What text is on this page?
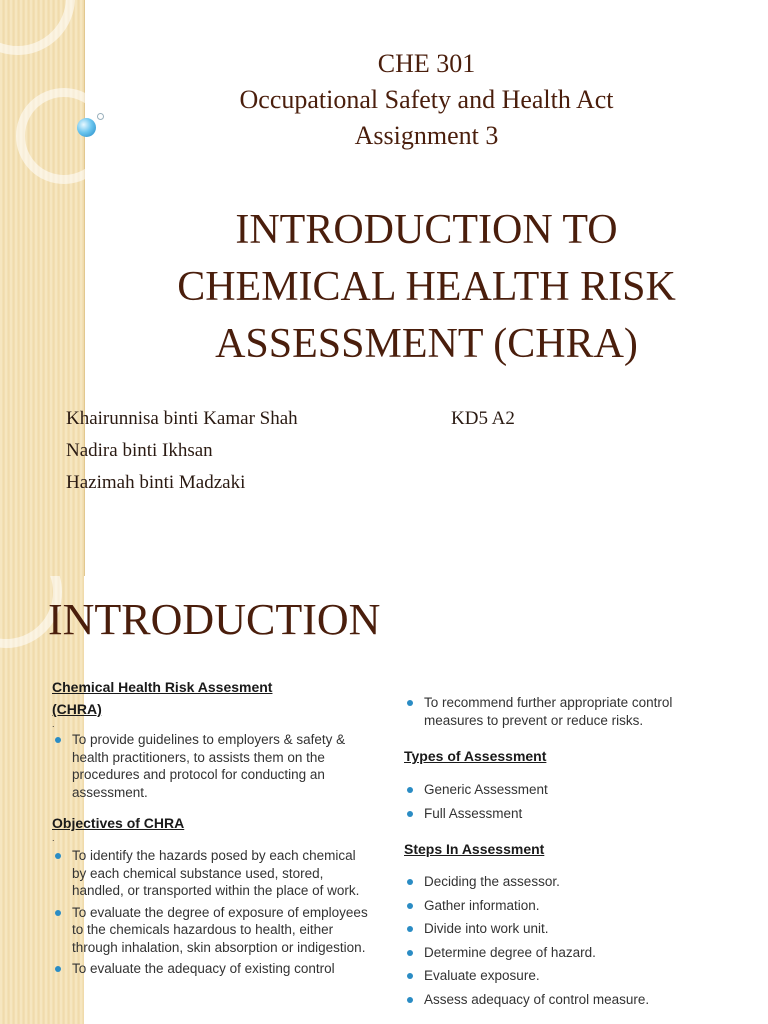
CHE 301
Occupational Safety and Health Act
Assignment 3
INTRODUCTION TO
CHEMICAL HEALTH RISK
ASSESSMENT (CHRA)
Khairunnisa binti Kamar Shah
Nadira binti Ikhsan
Hazimah binti Madzaki
KD5 A2
INTRODUCTION
Chemical Health Risk Assesment
(CHRA)
.
To provide guidelines to employers & safety & health practitioners, to assists them on the procedures and protocol for conducting an assessment.
Objectives of CHRA
.
To identify the hazards posed by each chemical by each chemical substance used, stored, handled, or transported within the place of work.
To evaluate the degree of exposure of employees to the chemicals hazardous to health, either through inhalation, skin absorption or indigestion.
To evaluate the adequacy of existing control
To recommend further appropriate control measures to prevent or reduce risks.
Types of Assessment
Generic Assessment
Full Assessment
Steps In Assessment
Deciding the assessor.
Gather information.
Divide into work unit.
Determine degree of hazard.
Evaluate exposure.
Assess adequacy of control measure.
